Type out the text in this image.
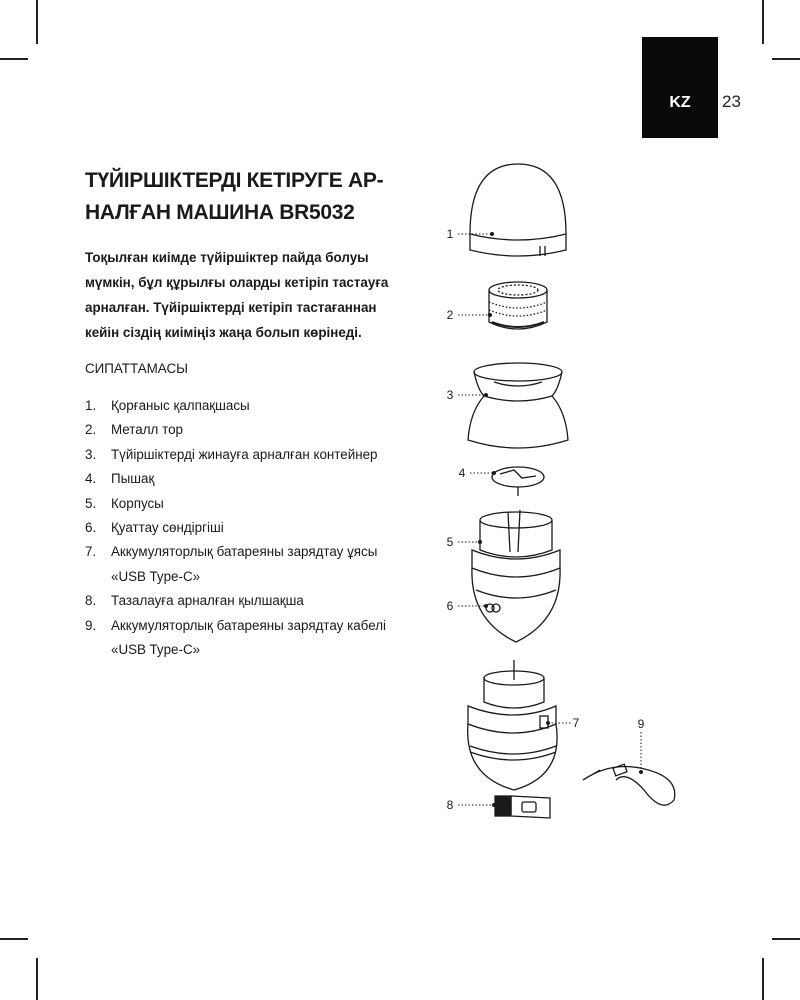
KZ	23
ТҮЙІРШІКТЕРДІ КЕТІРУГЕ АР-
НАЛҒАН МАШИНА BR5032

Тоқылған киімде түйіршіктер пайда болуы
мүмкін, бұл құрылғы оларды кетіріп тастауға
арналған. Түйіршіктерді кетіріп тастағаннан
кейін сіздің киіміңіз жаңа болып көрінеді.

СИПАТТАМАСЫ
1.	Қорғаныс қалпақшасы
2.	Металл тор
3.	Түйіршіктерді жинауға арналған контейнер
4.	Пышақ
5.	Корпусы
6.	Қуаттау сөндіргіші
7.	Аккумуляторлық батареяны зарядтау ұясы
«USB Type-C»
8.	Тазалауға арналған қылшақша
9.	Аккумуляторлық батареяны зарядтау кабелі
«USB Type-C»
1
2
3
4
5
6
7
8
9
